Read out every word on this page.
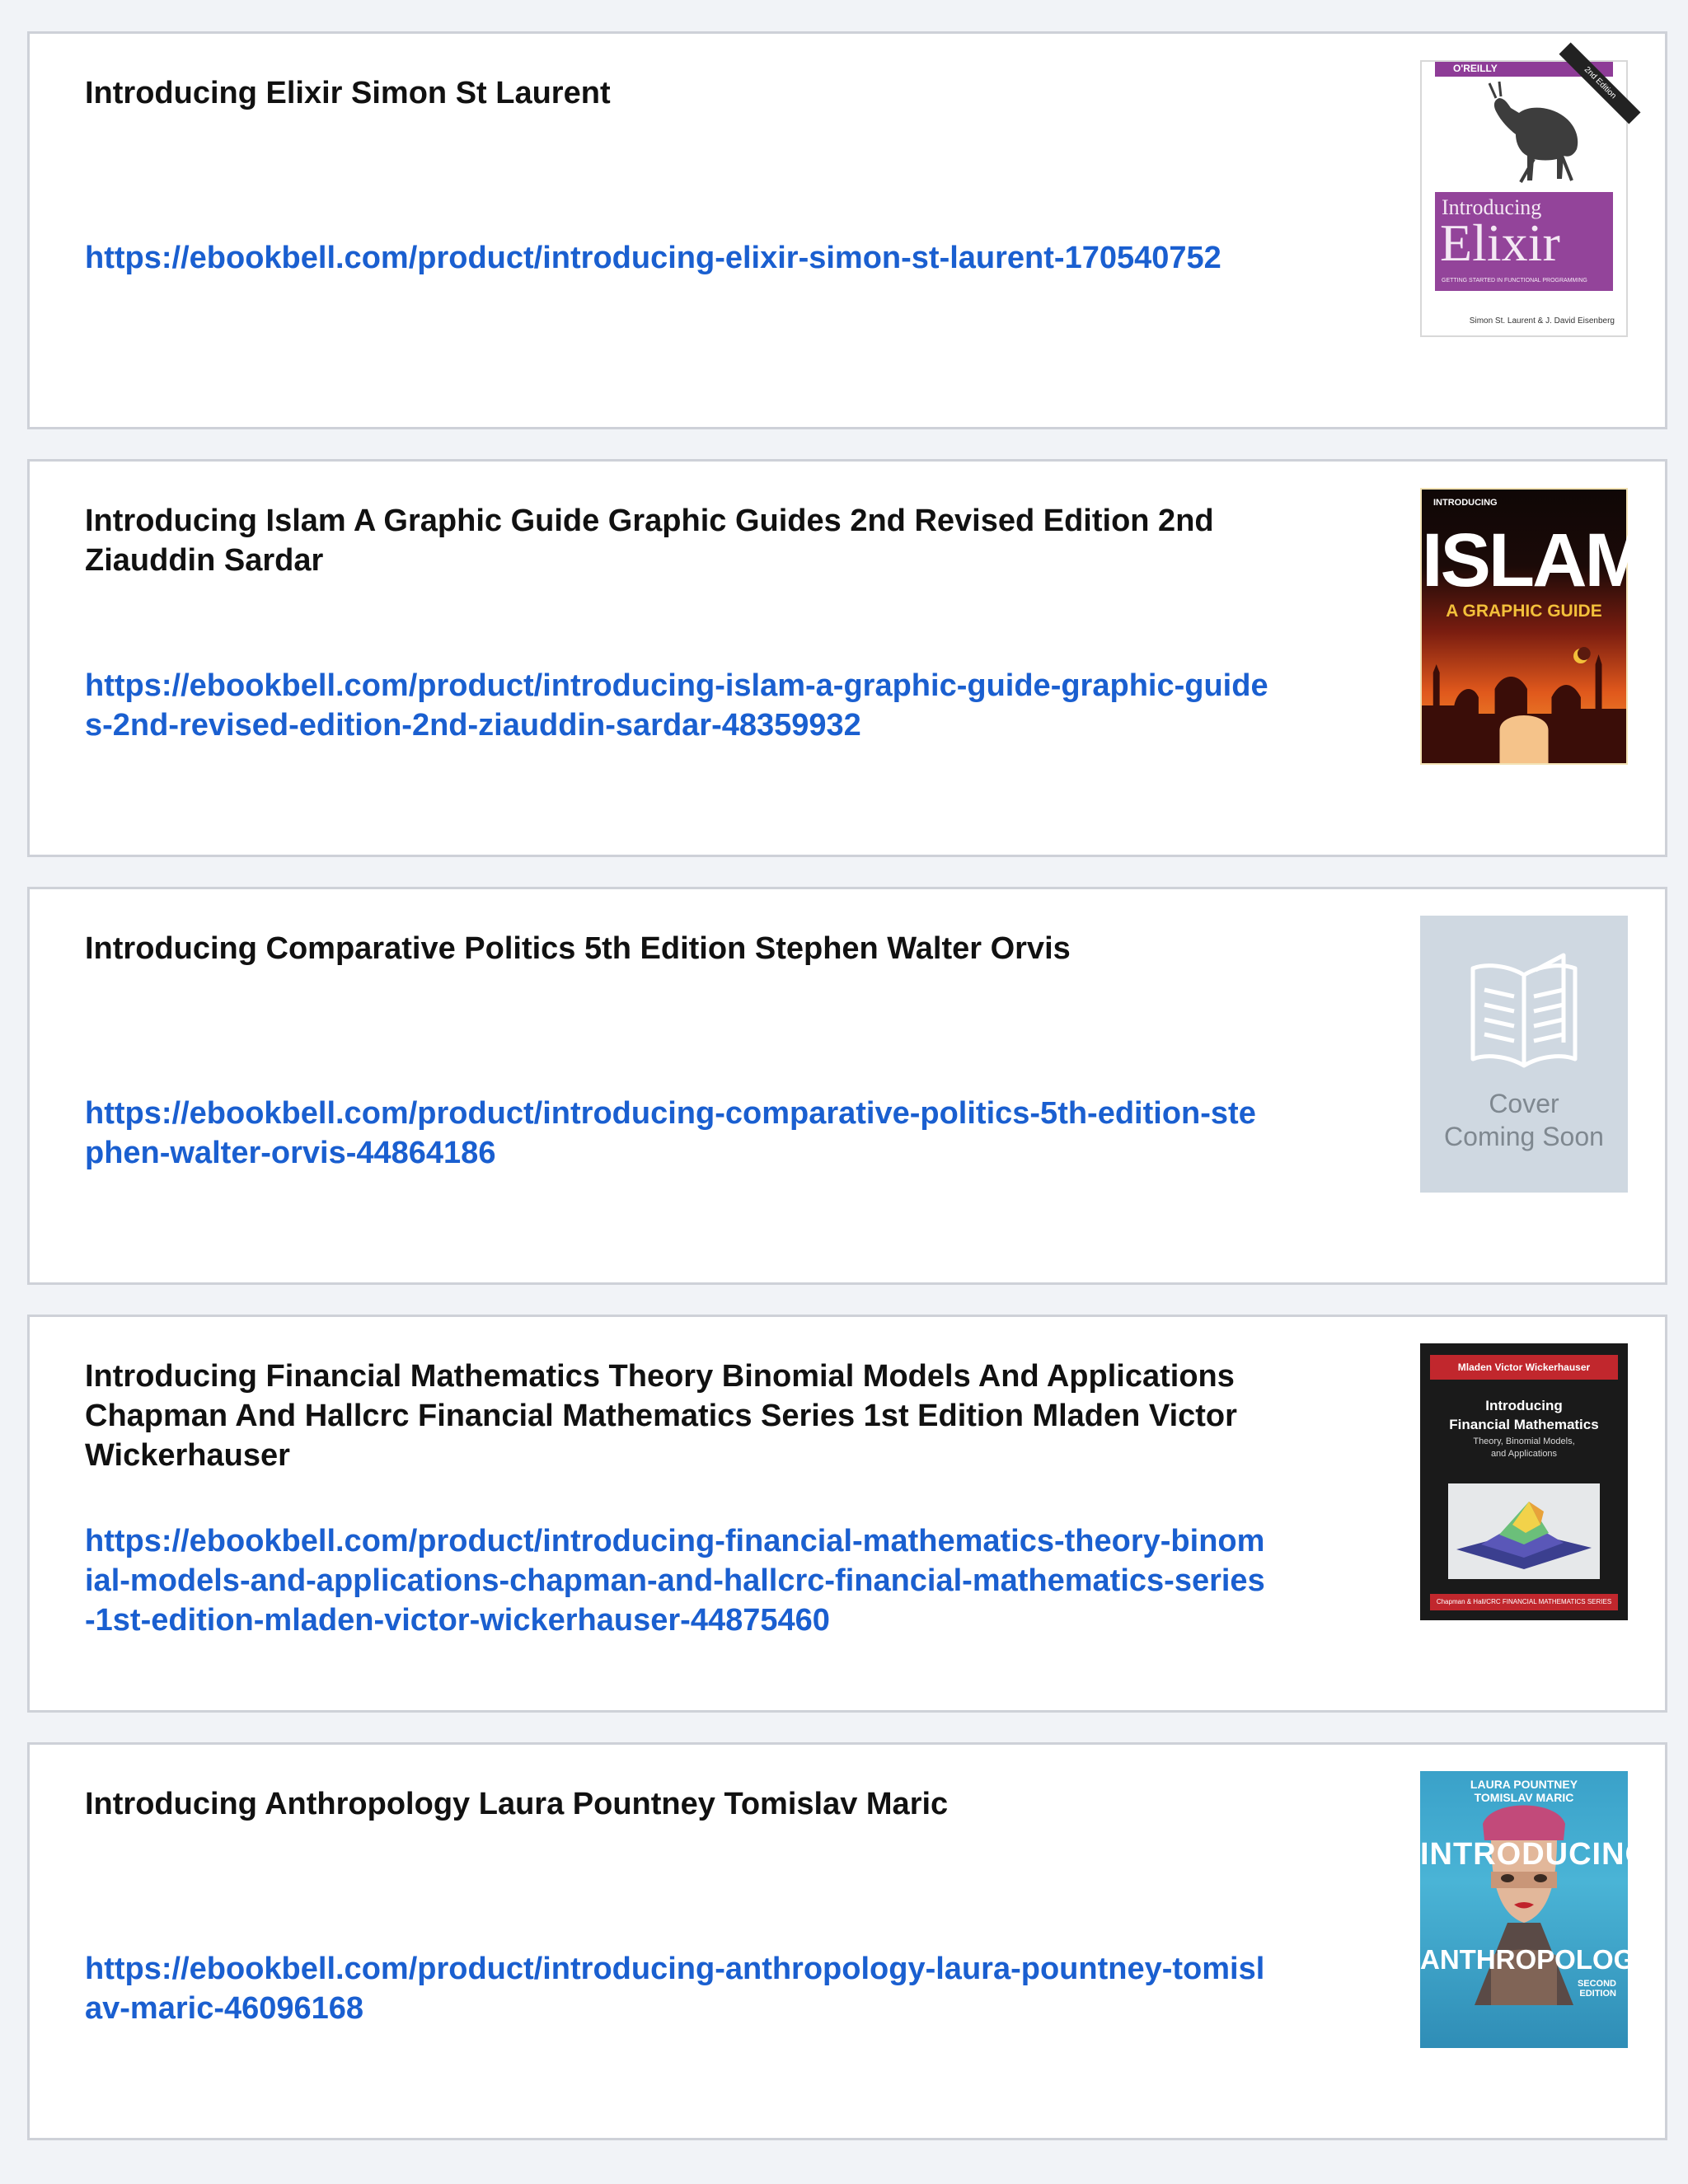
Introducing Elixir Simon St Laurent
https://ebookbell.com/product/introducing-elixir-simon-st-laurent-170540752
O'REILLY	2nd Edition
Introducing
Elixir
GETTING STARTED IN FUNCTIONAL PROGRAMMING
Simon St. Laurent & J. David Eisenberg
Introducing Islam A Graphic Guide Graphic Guides 2nd Revised Edition 2nd Ziauddin Sardar
https://ebookbell.com/product/introducing-islam-a-graphic-guide-graphic-guides-2nd-revised-edition-2nd-ziauddin-sardar-48359932
INTRODUCING
ISLAM
A GRAPHIC GUIDE
Introducing Comparative Politics 5th Edition Stephen Walter Orvis
https://ebookbell.com/product/introducing-comparative-politics-5th-edition-stephen-walter-orvis-44864186
Cover
Coming Soon
Introducing Financial Mathematics Theory Binomial Models And Applications Chapman And Hallcrc Financial Mathematics Series 1st Edition Mladen Victor Wickerhauser
https://ebookbell.com/product/introducing-financial-mathematics-theory-binomial-models-and-applications-chapman-and-hallcrc-financial-mathematics-series-1st-edition-mladen-victor-wickerhauser-44875460
Mladen Victor Wickerhauser
Introducing
Financial Mathematics
Theory, Binomial Models,
and Applications
Chapman & Hall/CRC FINANCIAL MATHEMATICS SERIES
Introducing Anthropology Laura Pountney Tomislav Maric
https://ebookbell.com/product/introducing-anthropology-laura-pountney-tomislav-maric-46096168
LAURA POUNTNEY
TOMISLAV MARIC
INTRODUCING
ANTHROPOLOGY
SECOND
EDITION
